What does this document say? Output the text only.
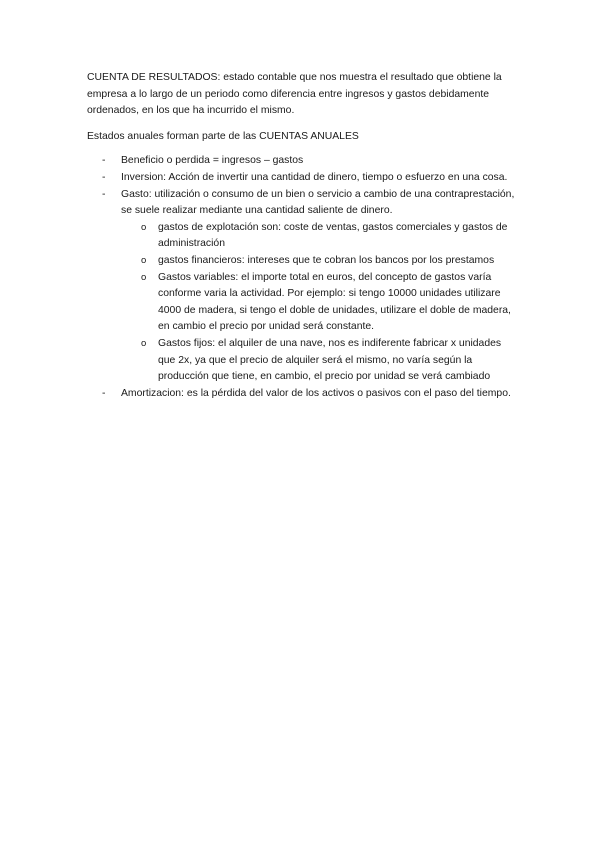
CUENTA DE RESULTADOS: estado contable que nos muestra el resultado que obtiene la empresa a lo largo de un periodo como diferencia entre ingresos y gastos debidamente ordenados, en los que ha incurrido el mismo.

Estados anuales forman parte de las CUENTAS ANUALES

- Beneficio o perdida = ingresos – gastos
- Inversion: Acción de invertir una cantidad de dinero, tiempo o esfuerzo en una cosa.
- Gasto: utilización o consumo de un bien o servicio a cambio de una contraprestación, se suele realizar mediante una cantidad saliente de dinero.
o gastos de explotación son: coste de ventas, gastos comerciales y gastos de administración
o gastos financieros: intereses que te cobran los bancos por los prestamos
o Gastos variables: el importe total en euros, del concepto de gastos varía conforme varia la actividad. Por ejemplo: si tengo 10000 unidades utilizare 4000 de madera, si tengo el doble de unidades, utilizare el doble de madera, en cambio el precio por unidad será constante.
o Gastos fijos: el alquiler de una nave, nos es indiferente fabricar x unidades que 2x, ya que el precio de alquiler será el mismo, no varía según la producción que tiene, en cambio, el precio por unidad se verá cambiado
- Amortizacion: es la pérdida del valor de los activos o pasivos con el paso del tiempo.
